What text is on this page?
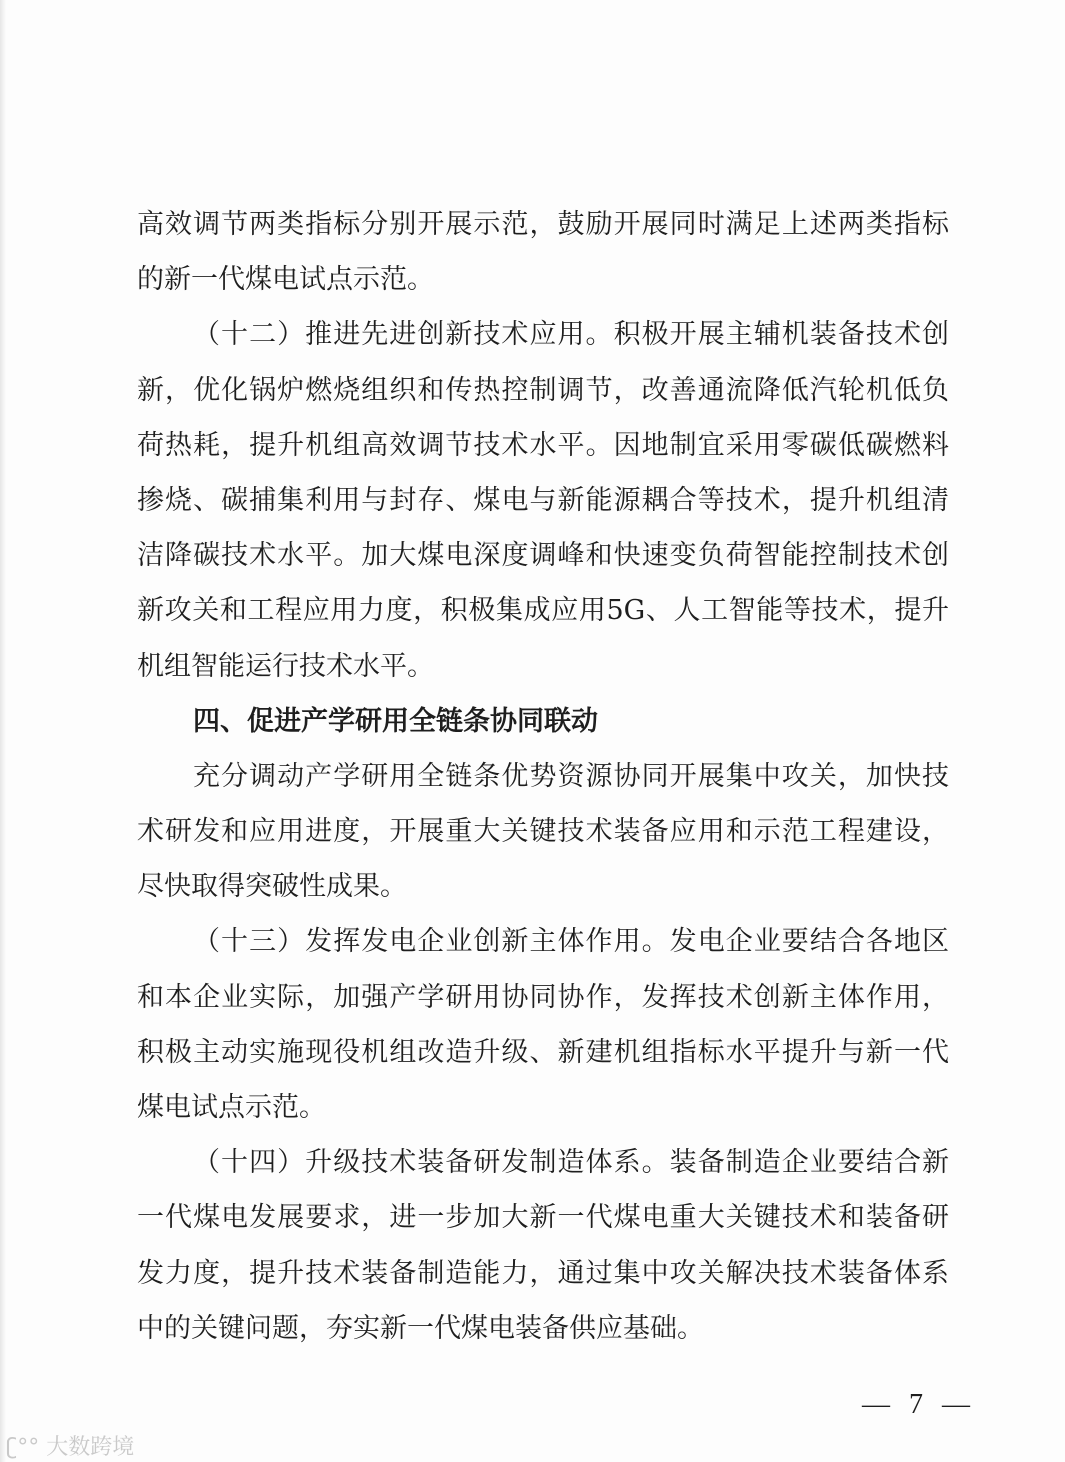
高效调节两类指标分别开展示范，鼓励开展同时满足上述两类指标
的新一代煤电试点示范。
（十二）推进先进创新技术应用。积极开展主辅机装备技术创
新，优化锅炉燃烧组织和传热控制调节，改善通流降低汽轮机低负
荷热耗，提升机组高效调节技术水平。因地制宜采用零碳低碳燃料
掺烧、碳捕集利用与封存、煤电与新能源耦合等技术，提升机组清
洁降碳技术水平。加大煤电深度调峰和快速变负荷智能控制技术创
新攻关和工程应用力度，积极集成应用5G、人工智能等技术，提升
机组智能运行技术水平。
四、促进产学研用全链条协同联动
充分调动产学研用全链条优势资源协同开展集中攻关，加快技
术研发和应用进度，开展重大关键技术装备应用和示范工程建设，
尽快取得突破性成果。
（十三）发挥发电企业创新主体作用。发电企业要结合各地区
和本企业实际，加强产学研用协同协作，发挥技术创新主体作用，
积极主动实施现役机组改造升级、新建机组指标水平提升与新一代
煤电试点示范。
（十四）升级技术装备研发制造体系。装备制造企业要结合新
一代煤电发展要求，进一步加大新一代煤电重大关键技术和装备研
发力度，提升技术装备制造能力，通过集中攻关解决技术装备体系
中的关键问题，夯实新一代煤电装备供应基础。
— 7 —
ʗ°° 大数跨境
